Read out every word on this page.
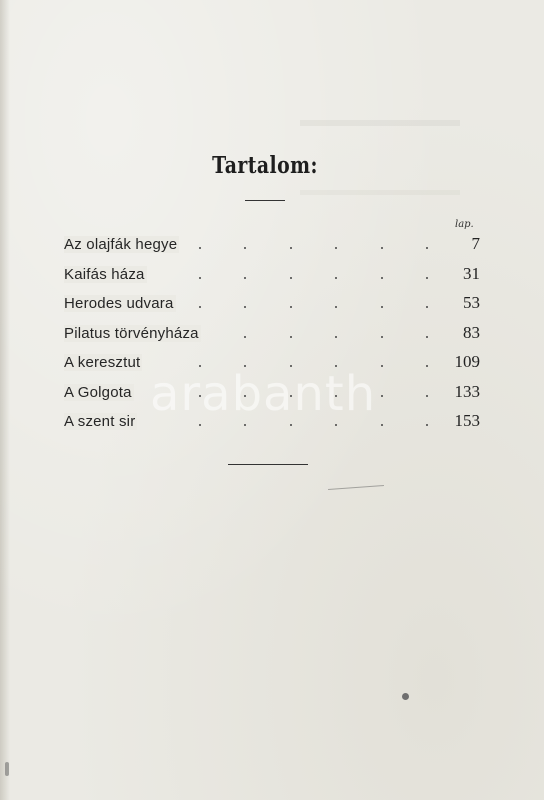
Tartalom:
lap.
Az olajfák hegye	7
Kaifás háza	31
Herodes udvara	53
Pilatus törvényháza	83
A keresztut	109
A Golgota	133
A szent sir	153
arabanth
